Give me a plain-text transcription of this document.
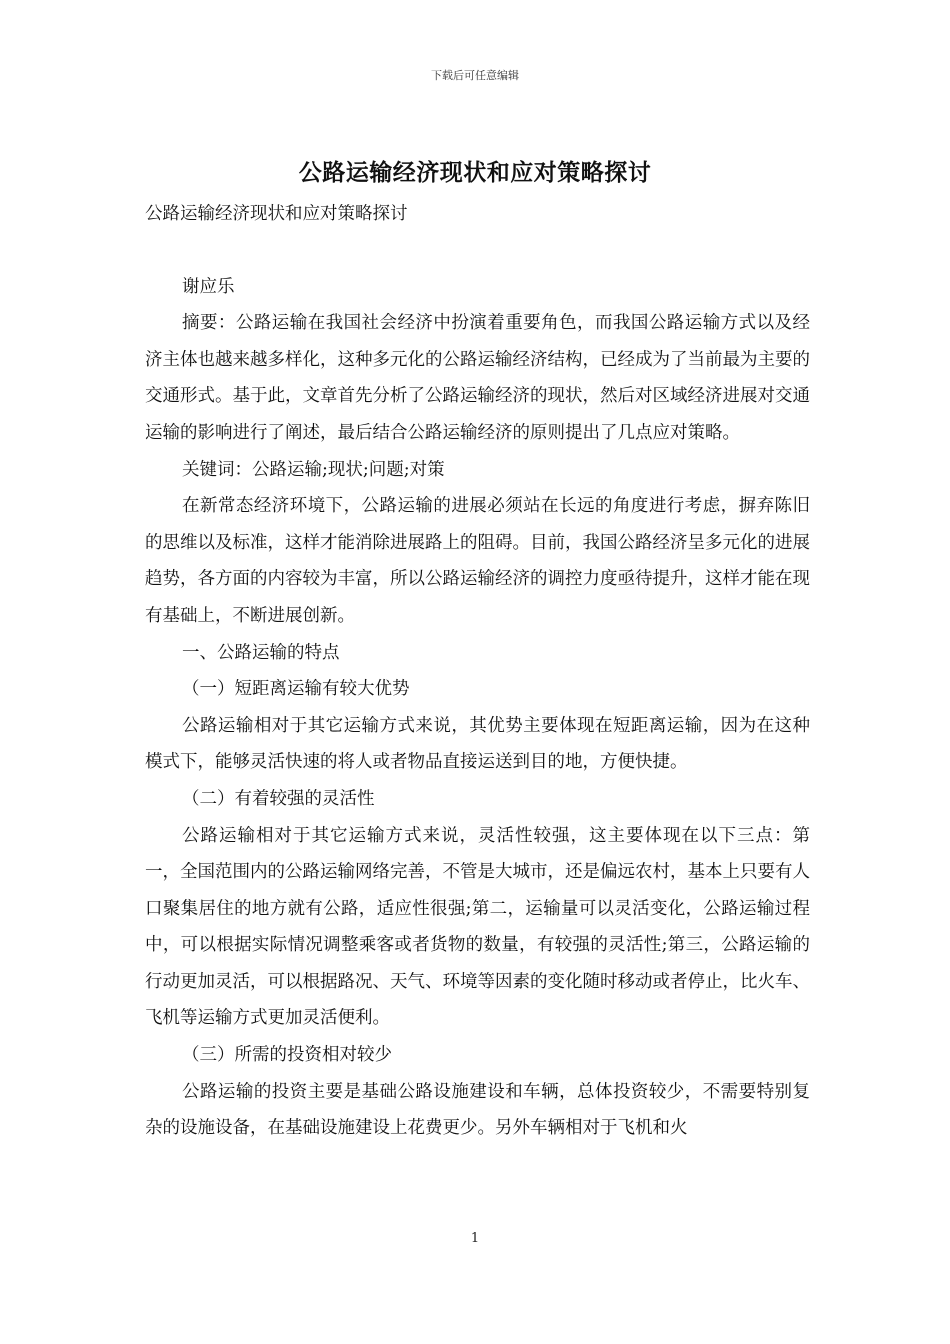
下载后可任意编辑
公路运输经济现状和应对策略探讨

公路运输经济现状和应对策略探讨

谢应乐

摘要：公路运输在我国社会经济中扮演着重要角色，而我国公路运输方式以及经济主体也越来越多样化，这种多元化的公路运输经济结构，已经成为了当前最为主要的交通形式。基于此，文章首先分析了公路运输经济的现状，然后对区域经济进展对交通运输的影响进行了阐述，最后结合公路运输经济的原则提出了几点应对策略。

关键词：公路运输;现状;问题;对策

在新常态经济环境下，公路运输的进展必须站在长远的角度进行考虑，摒弃陈旧的思维以及标准，这样才能消除进展路上的阻碍。目前，我国公路经济呈多元化的进展趋势，各方面的内容较为丰富，所以公路运输经济的调控力度亟待提升，这样才能在现有基础上，不断进展创新。

一、公路运输的特点

（一）短距离运输有较大优势

公路运输相对于其它运输方式来说，其优势主要体现在短距离运输，因为在这种模式下，能够灵活快速的将人或者物品直接运送到目的地，方便快捷。

（二）有着较强的灵活性

公路运输相对于其它运输方式来说，灵活性较强，这主要体现在以下三点：第一，全国范围内的公路运输网络完善，不管是大城市，还是偏远农村，基本上只要有人口聚集居住的地方就有公路，适应性很强;第二，运输量可以灵活变化，公路运输过程中，可以根据实际情况调整乘客或者货物的数量，有较强的灵活性;第三，公路运输的行动更加灵活，可以根据路况、天气、环境等因素的变化随时移动或者停止，比火车、飞机等运输方式更加灵活便利。

（三）所需的投资相对较少

公路运输的投资主要是基础公路设施建设和车辆，总体投资较少，不需要特别复杂的设施设备，在基础设施建设上花费更少。另外车辆相对于飞机和火

1
